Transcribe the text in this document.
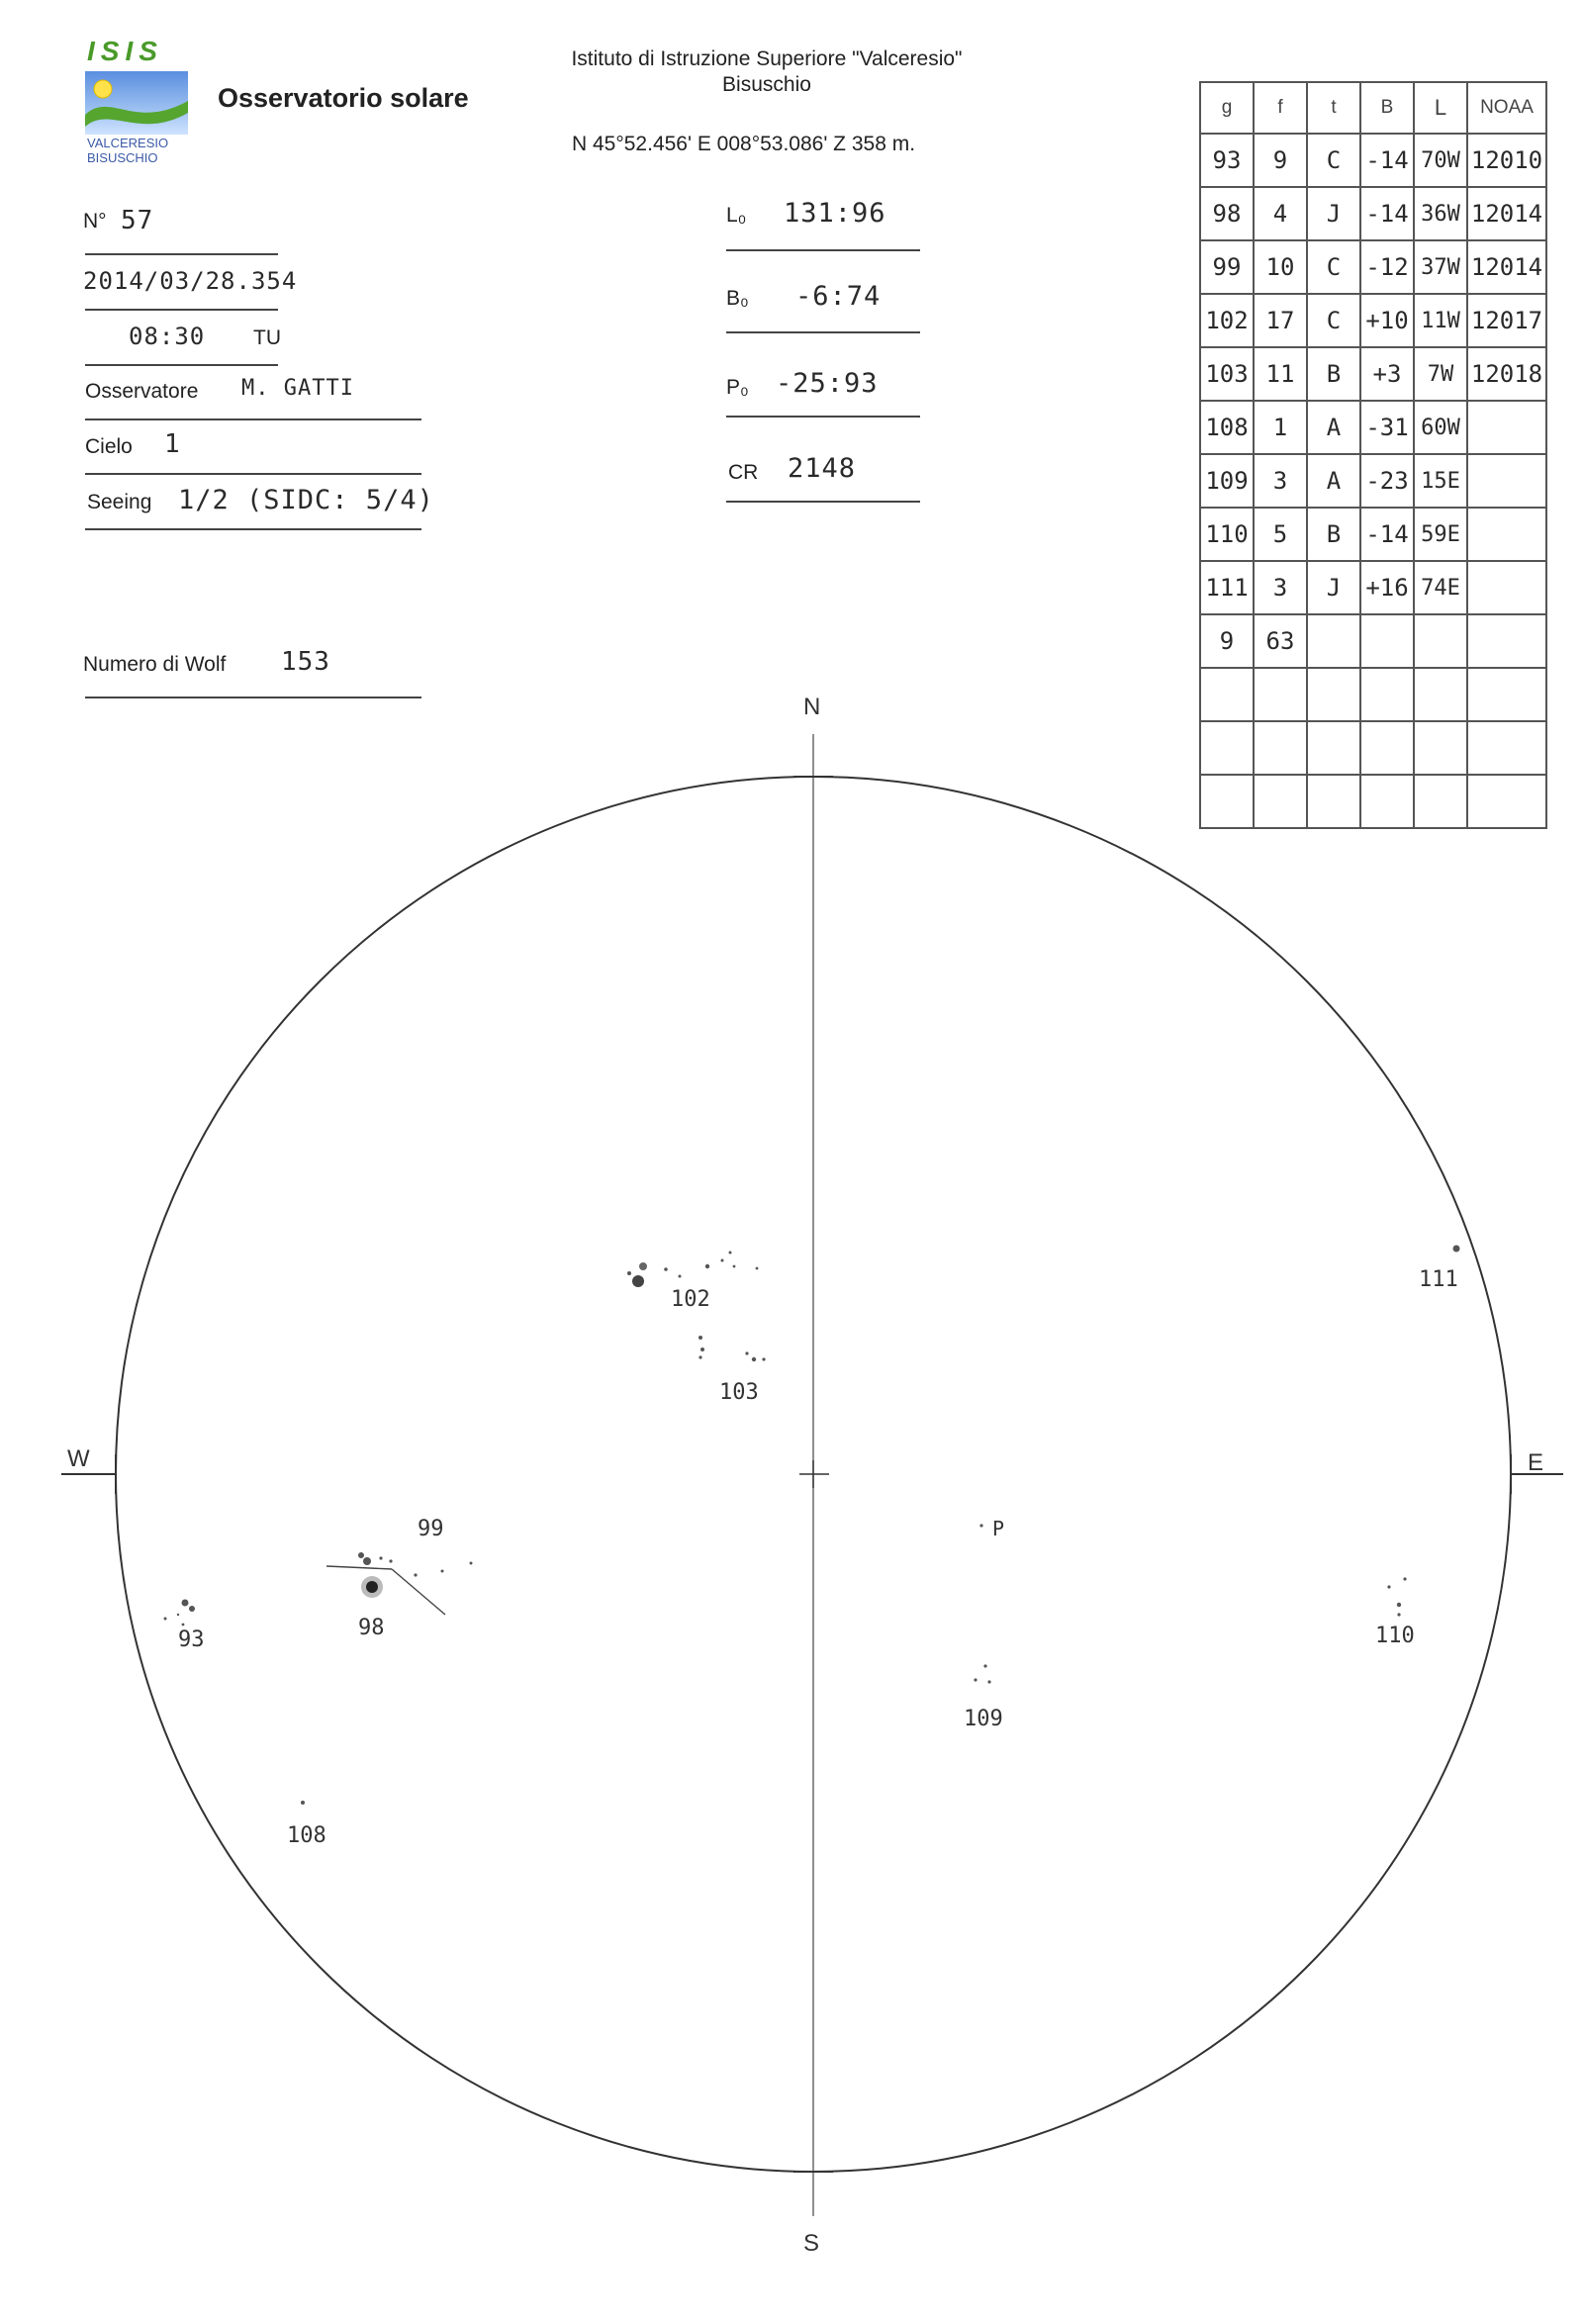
ISIS
VALCERESIO
BISUSCHIO
Osservatorio solare
Istituto di Istruzione Superiore "Valceresio"
Bisuschio
N 45°52.456' E 008°53.086' Z 358 m.
N° 57
2014/03/28.354
08:30 TU
Osservatore M. GATTI
Cielo 1
Seeing 1/2 (SIDC: 5/4)
Numero di Wolf 153
L₀ 131:96
B₀ -6:74
P₀ -25:93
CR 2148
g	f	t	B	L	NOAA
93	9	C	-14	70W	12010
98	4	J	-14	36W	12014
99	10	C	-12	37W	12014
102	17	C	+10	11W	12017
103	11	B	+3	7W	12018
108	1	A	-31	60W	
109	3	A	-23	15E	
110	5	B	-14	59E	
111	3	J	+16	74E	
9	63				

N
S
W	E
P
102
103
99
98
93
108
109
110
111
